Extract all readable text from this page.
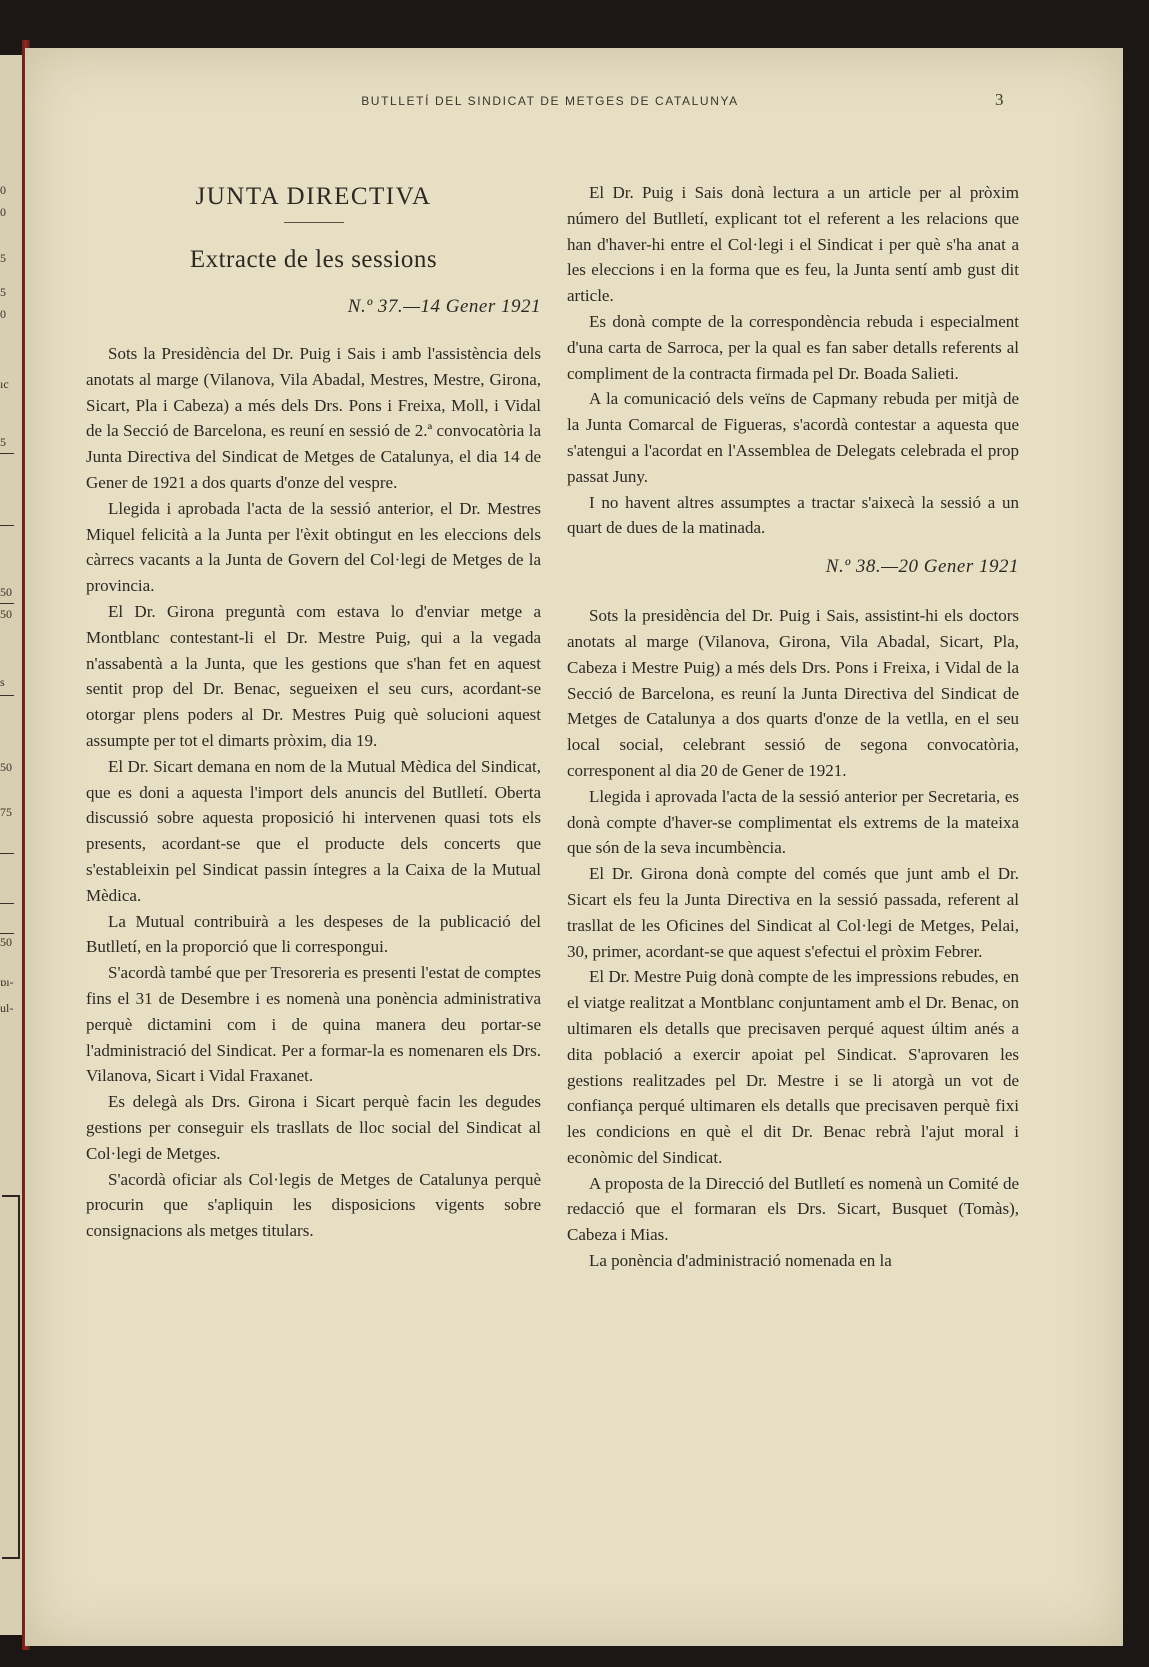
0
0
5
5
0
ıc
5
50
50
s
50
75
50
ɒı-
ul-
BUTLLETÍ DEL SINDICAT DE METGES DE CATALUNYA	3
JUNTA DIRECTIVA
Extracte de les sessions
N.º 37.—14 Gener 1921

Sots la Presidència del Dr. Puig i Sais i amb l'assistència dels anotats al marge (Vilanova, Vila Abadal, Mestres, Mestre, Girona, Sicart, Pla i Cabeza) a més dels Drs. Pons i Freixa, Moll, i Vidal de la Secció de Barcelona, es reuní en sessió de 2.ª convocatòria la Junta Directiva del Sindicat de Metges de Catalunya, el dia 14 de Gener de 1921 a dos quarts d'onze del vespre.

Llegida i aprobada l'acta de la sessió anterior, el Dr. Mestres Miquel felicità a la Junta per l'èxit obtingut en les eleccions dels càrrecs vacants a la Junta de Govern del Col·legi de Metges de la provincia.

El Dr. Girona preguntà com estava lo d'enviar metge a Montblanc contestant-li el Dr. Mestre Puig, qui a la vegada n'assabentà a la Junta, que les gestions que s'han fet en aquest sentit prop del Dr. Benac, segueixen el seu curs, acordant-se otorgar plens poders al Dr. Mestres Puig què solucioni aquest assumpte per tot el dimarts pròxim, dia 19.

El Dr. Sicart demana en nom de la Mutual Mèdica del Sindicat, que es doni a aquesta l'import dels anuncis del Butlletí. Oberta discussió sobre aquesta proposició hi intervenen quasi tots els presents, acordant-se que el producte dels concerts que s'estableixin pel Sindicat passin íntegres a la Caixa de la Mutual Mèdica.

La Mutual contribuirà a les despeses de la publicació del Butlletí, en la proporció que li correspongui.

S'acordà també que per Tresoreria es presenti l'estat de comptes fins el 31 de Desembre i es nomenà una ponència administrativa perquè dictamini com i de quina manera deu portar-se l'administració del Sindicat. Per a formar-la es nomenaren els Drs. Vilanova, Sicart i Vidal Fraxanet.

Es delegà als Drs. Girona i Sicart perquè facin les degudes gestions per conseguir els trasllats de lloc social del Sindicat al Col·legi de Metges.

S'acordà oficiar als Col·legis de Metges de Catalunya perquè procurin que s'apliquin les disposicions vigents sobre consignacions als metges titulars.

El Dr. Puig i Sais donà lectura a un article per al pròxim número del Butlletí, explicant tot el referent a les relacions que han d'haver-hi entre el Col·legi i el Sindicat i per què s'ha anat a les eleccions i en la forma que es feu, la Junta sentí amb gust dit article.

Es donà compte de la correspondència rebuda i especialment d'una carta de Sarroca, per la qual es fan saber detalls referents al compliment de la contracta firmada pel Dr. Boada Salieti.

A la comunicació dels veïns de Capmany rebuda per mitjà de la Junta Comarcal de Figueras, s'acordà contestar a aquesta que s'atengui a l'acordat en l'Assemblea de Delegats celebrada el prop passat Juny.

I no havent altres assumptes a tractar s'aixecà la sessió a un quart de dues de la matinada.

N.º 38.—20 Gener 1921

Sots la presidència del Dr. Puig i Sais, assistint-hi els doctors anotats al marge (Vilanova, Girona, Vila Abadal, Sicart, Pla, Cabeza i Mestre Puig) a més dels Drs. Pons i Freixa, i Vidal de la Secció de Barcelona, es reuní la Junta Directiva del Sindicat de Metges de Catalunya a dos quarts d'onze de la vetlla, en el seu local social, celebrant sessió de segona convocatòria, corresponent al dia 20 de Gener de 1921.

Llegida i aprovada l'acta de la sessió anterior per Secretaria, es donà compte d'haver-se complimentat els extrems de la mateixa que són de la seva incumbència.

El Dr. Girona donà compte del comés que junt amb el Dr. Sicart els feu la Junta Directiva en la sessió passada, referent al trasllat de les Oficines del Sindicat al Col·legi de Metges, Pelai, 30, primer, acordant-se que aquest s'efectui el pròxim Febrer.

El Dr. Mestre Puig donà compte de les impressions rebudes, en el viatge realitzat a Montblanc conjuntament amb el Dr. Benac, on ultimaren els detalls que precisaven perqué aquest últim anés a dita població a exercir apoiat pel Sindicat. S'aprovaren les gestions realitzades pel Dr. Mestre i se li atorgà un vot de confiança perqué ultimaren els detalls que precisaven perquè fixi les condicions en què el dit Dr. Benac rebrà l'ajut moral i econòmic del Sindicat.

A proposta de la Direcció del Butlletí es nomenà un Comité de redacció que el formaran els Drs. Sicart, Busquet (Tomàs), Cabeza i Mias.

La ponència d'administració nomenada en la
